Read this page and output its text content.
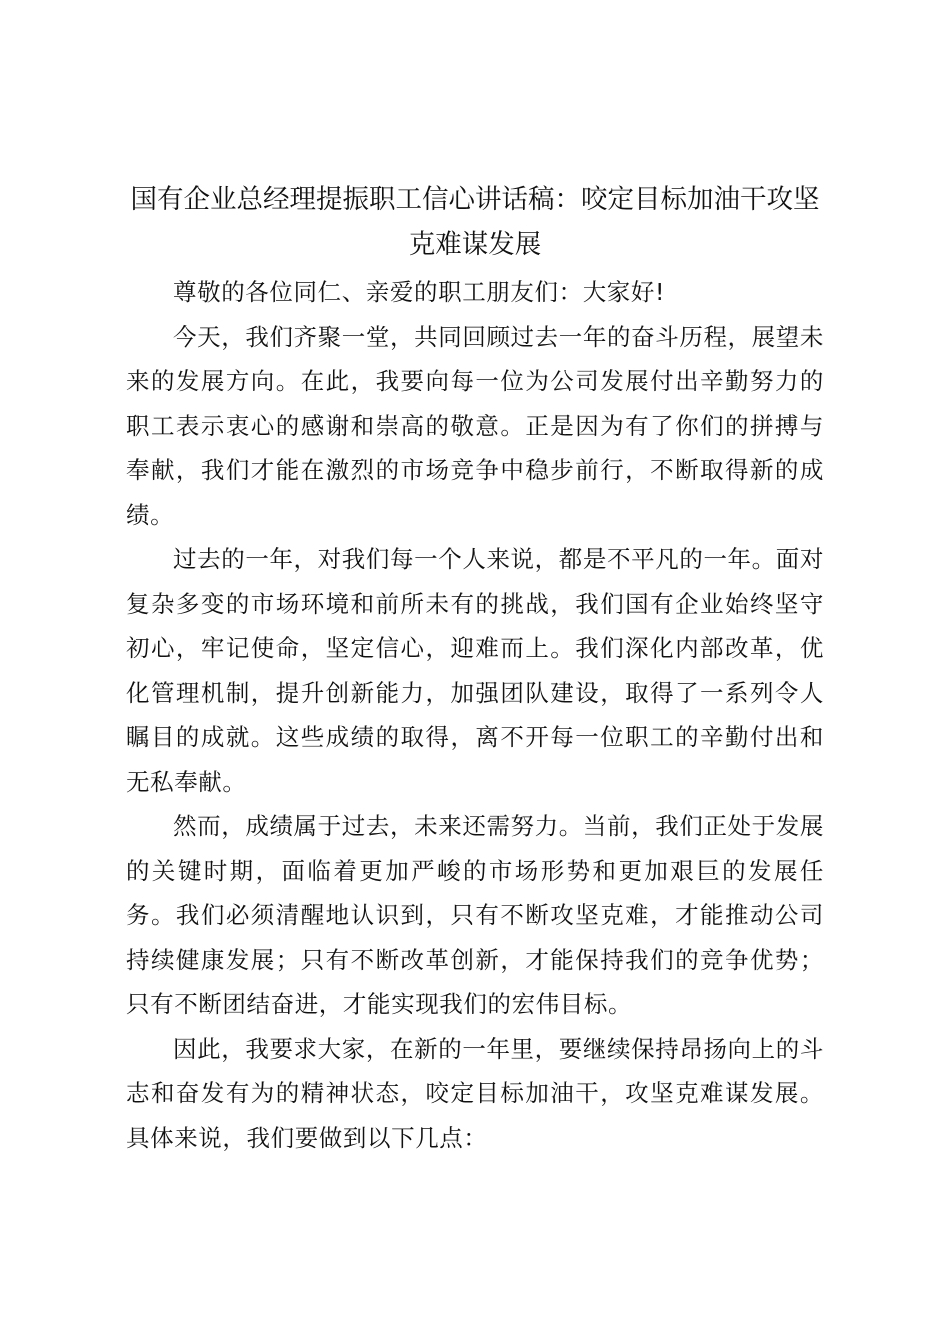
国有企业总经理提振职工信心讲话稿：咬定目标加油干攻坚克难谋发展

尊敬的各位同仁、亲爱的职工朋友们：大家好!

今天，我们齐聚一堂，共同回顾过去一年的奋斗历程，展望未来的发展方向。在此，我要向每一位为公司发展付出辛勤努力的职工表示衷心的感谢和崇高的敬意。正是因为有了你们的拼搏与奉献，我们才能在激烈的市场竞争中稳步前行，不断取得新的成绩。

过去的一年，对我们每一个人来说，都是不平凡的一年。面对复杂多变的市场环境和前所未有的挑战，我们国有企业始终坚守初心，牢记使命，坚定信心，迎难而上。我们深化内部改革，优化管理机制，提升创新能力，加强团队建设，取得了一系列令人瞩目的成就。这些成绩的取得，离不开每一位职工的辛勤付出和无私奉献。

然而，成绩属于过去，未来还需努力。当前，我们正处于发展的关键时期，面临着更加严峻的市场形势和更加艰巨的发展任务。我们必须清醒地认识到，只有不断攻坚克难，才能推动公司持续健康发展；只有不断改革创新，才能保持我们的竞争优势；只有不断团结奋进，才能实现我们的宏伟目标。

因此，我要求大家，在新的一年里，要继续保持昂扬向上的斗志和奋发有为的精神状态，咬定目标加油干，攻坚克难谋发展。具体来说，我们要做到以下几点：
